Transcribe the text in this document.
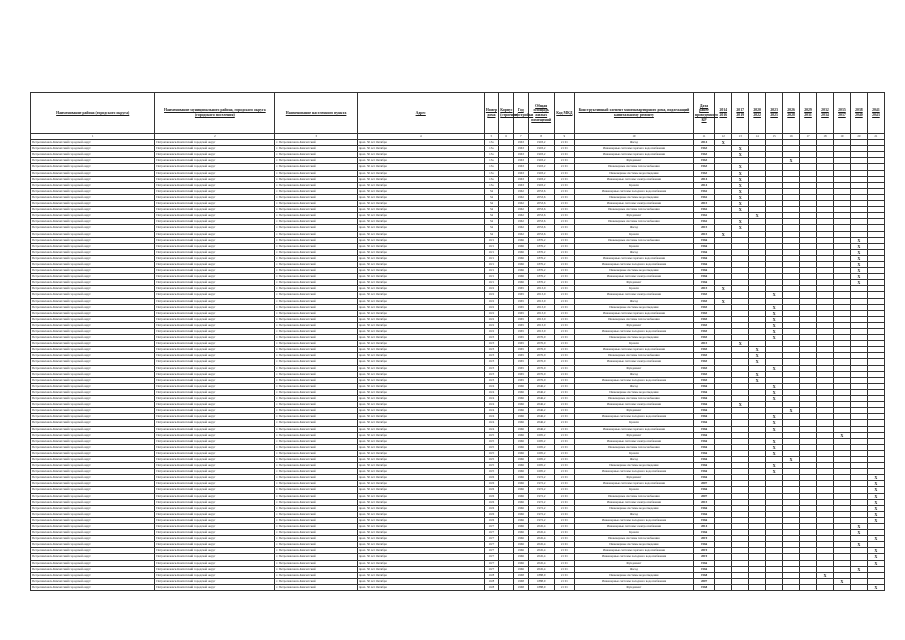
Наименование района (городского округа)	Наименование муниципального района, городского округа (городского поселения)	Наименование населенного пункта	Адрес	Номер дома	Корпус (строение)	Год постройки	Общая площадь жилых помещений	Код МКД	Конструктивный элемент многоквартирного дома, подлежащий капитальному ремонту	Дата ранее проведенного КР	2014 2016	2017 2019	2020 2022	2023 2025	2026 2028	2029 2031	2032 2034	2035 2037	2038 2040	2041 2043
1	2	3	4	5	6	7	8	9	10	11	12	13	14	15	16	17	18	19	20	21
Петропавловск-Камчатский городской округ	Петропавловск-Камчатский городской округ	г. Петропавловск-Камчатский	проп. 50 лет Октября	13а		1963	1903,2	21 01	Фасад	2014	X									
Петропавловск-Камчатский городской округ	Петропавловск-Камчатский городской округ	г. Петропавловск-Камчатский	проп. 50 лет Октября	13а		1963	1903,2	21 01	Инженерные системы горячего водоснабжения	1963		X								
Петропавловск-Камчатский городской округ	Петропавловск-Камчатский городской округ	г. Петропавловск-Камчатский	проп. 50 лет Октября	13а		1963	1903,2	21 01	Инженерные системы горячего водоснабжения	1963		X								
Петропавловск-Камчатский городской округ	Петропавловск-Камчатский городской округ	г. Петропавловск-Камчатский	проп. 50 лет Октября	13а		1963	1903,2	21 01	Фундамент	1963					X					
Петропавловск-Камчатский городской округ	Петропавловск-Камчатский городской округ	г. Петропавловск-Камчатский	проп. 50 лет Октября	13а		1963	1903,2	21 01	Инженерные системы теплоснабжения	1963		X								
Петропавловск-Камчатский городской округ	Петропавловск-Камчатский городской округ	г. Петропавловск-Камчатский	проп. 50 лет Октября	13а		1963	1903,2	21 01	Инженерные системы водоотведения	1963		X								
Петропавловск-Камчатский городской округ	Петропавловск-Камчатский городской округ	г. Петропавловск-Камчатский	проп. 50 лет Октября	13а		1963	1903,2	21 01	Инженерные системы электроснабжения	2014		X								
Петропавловск-Камчатский городской округ	Петропавловск-Камчатский городской округ	г. Петропавловск-Камчатский	проп. 50 лет Октября	13а		1963	1903,2	21 01	Кровля	2014		X								
Петропавловск-Камчатский городской округ	Петропавловск-Камчатский городской округ	г. Петропавловск-Камчатский	проп. 50 лет Октября	34		1962	2053,6	21 01	Инженерные системы холодного водоснабжения	1962		X								
Петропавловск-Камчатский городской округ	Петропавловск-Камчатский городской округ	г. Петропавловск-Камчатский	проп. 50 лет Октября	34		1962	2053,6	21 01	Инженерные системы водоотведения	1962		X								
Петропавловск-Камчатский городской округ	Петропавловск-Камчатский городской округ	г. Петропавловск-Камчатский	проп. 50 лет Октября	34		1962	2053,6	21 01	Инженерные системы электроснабжения	2015		X								
Петропавловск-Камчатский городской округ	Петропавловск-Камчатский городской округ	г. Петропавловск-Камчатский	проп. 50 лет Октября	34		1962	2053,6	21 01	Инженерные системы теплоснабжения	1962		X								
Петропавловск-Камчатский городской округ	Петропавловск-Камчатский городской округ	г. Петропавловск-Камчатский	проп. 50 лет Октября	34		1962	2053,6	21 01	Фундамент	1962			X							
Петропавловск-Камчатский городской округ	Петропавловск-Камчатский городской округ	г. Петропавловск-Камчатский	проп. 50 лет Октября	34		1962	2053,6	21 01	Инженерные системы теплоснабжения	1962		X								
Петропавловск-Камчатский городской округ	Петропавловск-Камчатский городской округ	г. Петропавловск-Камчатский	проп. 50 лет Октября	34		1962	2053,6	21 01	Фасад	2015		X								
Петропавловск-Камчатский городской округ	Петропавловск-Камчатский городской округ	г. Петропавловск-Камчатский	проп. 50 лет Октября	34		1962	2053,6	21 01	Кровля	2015	X									
Петропавловск-Камчатский городской округ	Петропавловск-Камчатский городской округ	г. Петропавловск-Камчатский	проп. 50 лет Октября	16/1		1966	1876,2	21 01	Инженерные системы теплоснабжения	1966									X	
Петропавловск-Камчатский городской округ	Петропавловск-Камчатский городской округ	г. Петропавловск-Камчатский	проп. 50 лет Октября	16/1		1966	1876,2	21 01	Кровля	1966									X	
Петропавловск-Камчатский городской округ	Петропавловск-Камчатский городской округ	г. Петропавловск-Камчатский	проп. 50 лет Октября	16/1		1966	1876,2	21 01	Фасад	1966									X	
Петропавловск-Камчатский городской округ	Петропавловск-Камчатский городской округ	г. Петропавловск-Камчатский	проп. 50 лет Октября	16/1		1966	1876,2	21 01	Инженерные системы горячего водоснабжения	1966									X	
Петропавловск-Камчатский городской округ	Петропавловск-Камчатский городской округ	г. Петропавловск-Камчатский	проп. 50 лет Октября	16/1		1966	1876,2	21 01	Инженерные системы холодного водоснабжения	1966									X	
Петропавловск-Камчатский городской округ	Петропавловск-Камчатский городской округ	г. Петропавловск-Камчатский	проп. 50 лет Октября	16/1		1966	1876,2	21 01	Инженерные системы водоотведения	1966									X	
Петропавловск-Камчатский городской округ	Петропавловск-Камчатский городской округ	г. Петропавловск-Камчатский	проп. 50 лет Октября	16/1		1966	1876,2	21 01	Инженерные системы электроснабжения	1966									X	
Петропавловск-Камчатский городской округ	Петропавловск-Камчатский городской округ	г. Петропавловск-Камчатский	проп. 50 лет Октября	16/1		1966	1876,2	21 01	Фундамент	1966									X	
Петропавловск-Камчатский городской округ	Петропавловск-Камчатский городской округ	г. Петропавловск-Камчатский	проп. 50 лет Октября	16/2		1965	2013,0	21 01	Кровля	2015	X									
Петропавловск-Камчатский городской округ	Петропавловск-Камчатский городской округ	г. Петропавловск-Камчатский	проп. 50 лет Октября	16/2		1965	2013,0	21 01	Инженерные системы электроснабжения	1965				X						
Петропавловск-Камчатский городской округ	Петропавловск-Камчатский городской округ	г. Петропавловск-Камчатский	проп. 50 лет Октября	16/2		1965	2013,0	21 01	Фасад	1965	X									
Петропавловск-Камчатский городской округ	Петропавловск-Камчатский городской округ	г. Петропавловск-Камчатский	проп. 50 лет Октября	16/2		1965	2013,0	21 01	Инженерные системы водоотведения	1965				X						
Петропавловск-Камчатский городской округ	Петропавловск-Камчатский городской округ	г. Петропавловск-Камчатский	проп. 50 лет Октября	16/2		1965	2013,0	21 01	Инженерные системы горячего водоснабжения	1965				X						
Петропавловск-Камчатский городской округ	Петропавловск-Камчатский городской округ	г. Петропавловск-Камчатский	проп. 50 лет Октября	16/2		1965	2013,0	21 01	Инженерные системы теплоснабжения	1965				X						
Петропавловск-Камчатский городской округ	Петропавловск-Камчатский городской округ	г. Петропавловск-Камчатский	проп. 50 лет Октября	16/2		1965	2013,0	21 01	Фундамент	1965				X						
Петропавловск-Камчатский городской округ	Петропавловск-Камчатский городской округ	г. Петропавловск-Камчатский	проп. 50 лет Октября	16/2		1965	2013,0	21 01	Инженерные системы холодного водоснабжения	1965				X						
Петропавловск-Камчатский городской округ	Петропавловск-Камчатский городской округ	г. Петропавловск-Камчатский	проп. 50 лет Октября	16/3		1965	2076,0	21 01	Инженерные системы водоотведения	1965				X						
Петропавловск-Камчатский городской округ	Петропавловск-Камчатский городской округ	г. Петропавловск-Камчатский	проп. 50 лет Октября	16/3		1965	2076,0	21 01	Кровля	2015		X								
Петропавловск-Камчатский городской округ	Петропавловск-Камчатский городской округ	г. Петропавловск-Камчатский	проп. 50 лет Октября	16/3		1965	2076,0	21 01	Инженерные системы горячего водоснабжения	1965			X							
Петропавловск-Камчатский городской округ	Петропавловск-Камчатский городской округ	г. Петропавловск-Камчатский	проп. 50 лет Октября	16/3		1965	2076,0	21 01	Инженерные системы теплоснабжения	1965			X							
Петропавловск-Камчатский городской округ	Петропавловск-Камчатский городской округ	г. Петропавловск-Камчатский	проп. 50 лет Октября	16/3		1965	2076,0	21 01	Инженерные системы электроснабжения	1965			X							
Петропавловск-Камчатский городской округ	Петропавловск-Камчатский городской округ	г. Петропавловск-Камчатский	проп. 50 лет Октября	16/3		1965	2076,0	21 01	Фундамент	1965				X						
Петропавловск-Камчатский городской округ	Петропавловск-Камчатский городской округ	г. Петропавловск-Камчатский	проп. 50 лет Октября	16/3		1965	2076,0	21 01	Фасад	1965			X							
Петропавловск-Камчатский городской округ	Петропавловск-Камчатский городской округ	г. Петропавловск-Камчатский	проп. 50 лет Октября	16/3		1965	2076,0	21 01	Инженерные системы холодного водоснабжения	1965			X							
Петропавловск-Камчатский городской округ	Петропавловск-Камчатский городской округ	г. Петропавловск-Камчатский	проп. 50 лет Октября	16/4		1966	2046,2	21 01	Фасад	1966				X						
Петропавловск-Камчатский городской округ	Петропавловск-Камчатский городской округ	г. Петропавловск-Камчатский	проп. 50 лет Октября	16/4		1966	2046,2	21 01	Инженерные системы водоотведения	1966				X						
Петропавловск-Камчатский городской округ	Петропавловск-Камчатский городской округ	г. Петропавловск-Камчатский	проп. 50 лет Октября	16/4		1966	2046,2	21 01	Инженерные системы теплоснабжения	1966				X						
Петропавловск-Камчатский городской округ	Петропавловск-Камчатский городской округ	г. Петропавловск-Камчатский	проп. 50 лет Октября	16/4		1966	2046,2	21 01	Инженерные системы электроснабжения	1966		X								
Петропавловск-Камчатский городской округ	Петропавловск-Камчатский городской округ	г. Петропавловск-Камчатский	проп. 50 лет Октября	16/4		1966	2046,2	21 01	Фундамент	1966					X					
Петропавловск-Камчатский городской округ	Петропавловск-Камчатский городской округ	г. Петропавловск-Камчатский	проп. 50 лет Октября	16/4		1966	2046,2	21 01	Инженерные системы холодного водоснабжения	1966				X						
Петропавловск-Камчатский городской округ	Петропавловск-Камчатский городской округ	г. Петропавловск-Камчатский	проп. 50 лет Октября	16/4		1966	2046,2	21 01	Кровля	1966				X						
Петропавловск-Камчатский городской округ	Петропавловск-Камчатский городской округ	г. Петропавловск-Камчатский	проп. 50 лет Октября	16/4		1966	2046,2	21 01	Инженерные системы горячего водоснабжения	1966				X						
Петропавловск-Камчатский городской округ	Петропавловск-Камчатский городской округ	г. Петропавловск-Камчатский	проп. 50 лет Октября	16/5		1966	1695,2	21 01	Фундамент	1966								X		
Петропавловск-Камчатский городской округ	Петропавловск-Камчатский городской округ	г. Петропавловск-Камчатский	проп. 50 лет Октября	16/5		1966	1695,2	21 01	Инженерные системы электроснабжения	1966				X						
Петропавловск-Камчатский городской округ	Петропавловск-Камчатский городской округ	г. Петропавловск-Камчатский	проп. 50 лет Октября	16/5		1966	1695,2	21 01	Инженерные системы теплоснабжения	1966				X						
Петропавловск-Камчатский городской округ	Петропавловск-Камчатский городской округ	г. Петропавловск-Камчатский	проп. 50 лет Октября	16/5		1966	1695,2	21 01	Кровля	1966				X						
Петропавловск-Камчатский городской округ	Петропавловск-Камчатский городской округ	г. Петропавловск-Камчатский	проп. 50 лет Октября	16/5		1966	1695,2	21 01	Фасад	1966					X					
Петропавловск-Камчатский городской округ	Петропавловск-Камчатский городской округ	г. Петропавловск-Камчатский	проп. 50 лет Октября	16/5		1966	1695,2	21 01	Инженерные системы водоотведения	1966				X						
Петропавловск-Камчатский городской округ	Петропавловск-Камчатский городской округ	г. Петропавловск-Камчатский	проп. 50 лет Октября	16/5		1966	1695,2	21 01	Инженерные системы холодного водоснабжения	1966				X						
Петропавловск-Камчатский городской округ	Петропавловск-Камчатский городской округ	г. Петропавловск-Камчатский	проп. 50 лет Октября	16/6		1966	1972,2	21 01	Фундамент	1966										X
Петропавловск-Камчатский городской округ	Петропавловск-Камчатский городской округ	г. Петропавловск-Камчатский	проп. 50 лет Октября	16/6		1966	1972,2	21 01	Инженерные системы горячего водоснабжения	2007										X
Петропавловск-Камчатский городской округ	Петропавловск-Камчатский городской округ	г. Петропавловск-Камчатский	проп. 50 лет Октября	16/6		1966	1972,2	21 01	Кровля	1966										X
Петропавловск-Камчатский городской округ	Петропавловск-Камчатский городской округ	г. Петропавловск-Камчатский	проп. 50 лет Октября	16/6		1966	1972,2	21 01	Инженерные системы теплоснабжения	2007										X
Петропавловск-Камчатский городской округ	Петропавловск-Камчатский городской округ	г. Петропавловск-Камчатский	проп. 50 лет Октября	16/6		1966	1972,2	21 01	Инженерные системы электроснабжения	2015										X
Петропавловск-Камчатский городской округ	Петропавловск-Камчатский городской округ	г. Петропавловск-Камчатский	проп. 50 лет Октября	16/6		1966	1972,2	21 01	Инженерные системы водоотведения	1966										X
Петропавловск-Камчатский городской округ	Петропавловск-Камчатский городской округ	г. Петропавловск-Камчатский	проп. 50 лет Октября	16/6		1966	1972,2	21 01	Фасад	1966										X
Петропавловск-Камчатский городской округ	Петропавловск-Камчатский городской округ	г. Петропавловск-Камчатский	проп. 50 лет Октября	16/6		1966	1972,2	21 01	Инженерные системы холодного водоснабжения	1966										X
Петропавловск-Камчатский городской округ	Петропавловск-Камчатский городской округ	г. Петропавловск-Камчатский	проп. 50 лет Октября	16/7		1966	2045,4	21 01	Инженерные системы электроснабжения	2014									X	
Петропавловск-Камчатский городской округ	Петропавловск-Камчатский городской округ	г. Петропавловск-Камчатский	проп. 50 лет Октября	16/7		1966	2045,4	21 01	Кровля	1966									X	
Петропавловск-Камчатский городской округ	Петропавловск-Камчатский городской округ	г. Петропавловск-Камчатский	проп. 50 лет Октября	16/7		1966	2045,4	21 01	Инженерные системы теплоснабжения	2019										X
Петропавловск-Камчатский городской округ	Петропавловск-Камчатский городской округ	г. Петропавловск-Камчатский	проп. 50 лет Октября	16/7		1966	2045,4	21 01	Инженерные системы водоотведения	1966									X	
Петропавловск-Камчатский городской округ	Петропавловск-Камчатский городской округ	г. Петропавловск-Камчатский	проп. 50 лет Октября	16/7		1966	2045,4	21 01	Инженерные системы горячего водоснабжения	2019										X
Петропавловск-Камчатский городской округ	Петропавловск-Камчатский городской округ	г. Петропавловск-Камчатский	проп. 50 лет Октября	16/7		1966	2045,4	21 01	Инженерные системы холодного водоснабжения	2019										X
Петропавловск-Камчатский городской округ	Петропавловск-Камчатский городской округ	г. Петропавловск-Камчатский	проп. 50 лет Октября	16/7		1966	2045,4	21 01	Фундамент	1966										X
Петропавловск-Камчатский городской округ	Петропавловск-Камчатский городской округ	г. Петропавловск-Камчатский	проп. 50 лет Октября	16/7		1966	2045,4	21 01	Фасад	1966									X	
Петропавловск-Камчатский городской округ	Петропавловск-Камчатский городской округ	г. Петропавловск-Камчатский	проп. 50 лет Октября	16/8		1968	1888,9	21 01	Инженерные системы водоотведения	1968							X			
Петропавловск-Камчатский городской округ	Петропавловск-Камчатский городской округ	г. Петропавловск-Камчатский	проп. 50 лет Октября	16/8		1968	1888,9	21 01	Инженерные системы холодного водоснабжения	2007								X		
Петропавловск-Камчатский городской округ	Петропавловск-Камчатский городской округ	г. Петропавловск-Камчатский	проп. 50 лет Октября	16/8		1968	1888,9	21 01	Фундамент	1968										X
